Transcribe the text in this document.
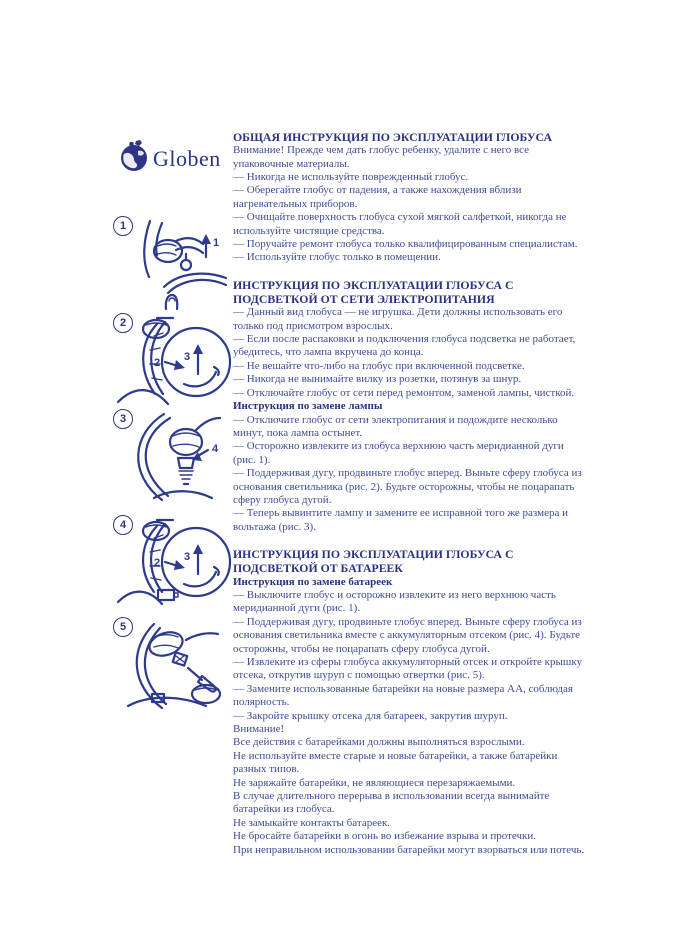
Globen
1
1
2
2 3
3
4
4
2 3
5
ОБЩАЯ ИНСТРУКЦИЯ ПО ЭКСПЛУАТАЦИИ ГЛОБУСА

Внимание! Прежде чем дать глобус ребенку, удалите с него все упаковочные материалы.

— Никогда не используйте поврежденный глобус.

— Оберегайте глобус от падения, а также нахождения вблизи нагревательных приборов.

— Очищайте поверхность глобуса сухой мягкой салфеткой, никогда не используйте чистящие средства.

— Поручайте ремонт глобуса только квалифицированным специалистам.

— Используйте глобус только в помещении.

ИНСТРУКЦИЯ ПО ЭКСПЛУАТАЦИИ ГЛОБУСА С ПОДСВЕТКОЙ ОТ СЕТИ ЭЛЕКТРОПИТАНИЯ

— Данный вид глобуса — не игрушка. Дети должны использовать его только под присмотром взрослых.

— Если после распаковки и подключения глобуса подсветка не работает, убедитесь, что лампа вкручена до конца.

— Не вешайте что-либо на глобус при включенной подсветке.

— Никогда не вынимайте вилку из розетки, потянув за шнур.

— Отключайте глобус от сети перед ремонтом, заменой лампы, чисткой.

Инструкция по замене лампы

— Отключите глобус от сети электропитания и подождите несколько минут, пока лампа остынет.

— Осторожно извлеките из глобуса верхнюю часть меридианной дуги (рис. 1).

— Поддерживая дугу, продвиньте глобус вперед. Выньте сферу глобуса из основания светильника (рис. 2). Будьте осторожны, чтобы не поцарапать сферу глобуса дугой.

— Теперь вывинтите лампу и замените ее исправной того же размера и вольтажа (рис. 3).

ИНСТРУКЦИЯ ПО ЭКСПЛУАТАЦИИ ГЛОБУСА С ПОДСВЕТКОЙ ОТ БАТАРЕЕК

Инструкция по замене батареек

— Выключите глобус и осторожно извлеките из него верхнюю часть меридианной дуги (рис. 1).

— Поддерживая дугу, продвиньте глобус вперед. Выньте сферу глобуса из основания светильника вместе с аккумуляторным отсеком (рис. 4). Будьте осторожны, чтобы не поцарапать сферу глобуса дугой.

— Извлеките из сферы глобуса аккумуляторный отсек и откройте крышку отсека, открутив шуруп с помощью отвертки (рис. 5).

— Замените использованные батарейки на новые размера АА, соблюдая полярность.

— Закройте крышку отсека для батареек, закрутив шуруп.

Внимание!

Все действия с батарейками должны выполняться взрослыми.

Не используйте вместе старые и новые батарейки, а также батарейки разных типов.

Не заряжайте батарейки, не являющиеся перезаряжаемыми.

В случае длительного перерыва в использовании всегда вынимайте батарейки из глобуса.

Не замыкайте контакты батареек.

Не бросайте батарейки в огонь во избежание взрыва и протечки.

При неправильном использовании батарейки могут взорваться или потечь.
